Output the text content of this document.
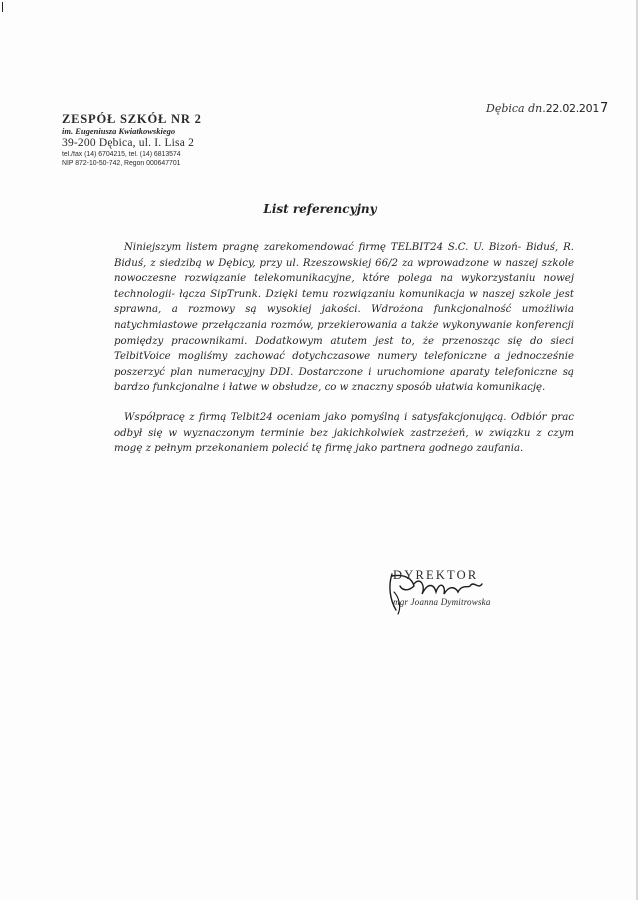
ZESPÓŁ SZKÓŁ NR 2
im. Eugeniusza Kwiatkowskiego
39-200 Dębica, ul. I. Lisa 2
tel./fax (14) 6704215, tel. (14) 6813574
NIP 872-10-50-742, Regon 000647701
Dębica dn.22.02.2017
List referencyjny

Niniejszym listem pragnę zarekomendować firmę TELBIT24 S.C. U. Bizoń- Biduś, R. Biduś, z siedzibą w Dębicy, przy ul. Rzeszowskiej 66/2 za wprowadzone w naszej szkole nowoczesne rozwiązanie telekomunikacyjne, które polega na wykorzystaniu nowej technologii- łącza SipTrunk. Dzięki temu rozwiązaniu komunikacja w naszej szkole jest sprawna, a rozmowy są wysokiej jakości. Wdrożona funkcjonalność umożliwia natychmiastowe przełączania rozmów, przekierowania a także wykonywanie konferencji pomiędzy pracownikami. Dodatkowym atutem jest to, że przenosząc się do sieci TelbitVoice mogliśmy zachować dotychczasowe numery telefoniczne a jednocześnie poszerzyć plan numeracyjny DDI. Dostarczone i uruchomione aparaty telefoniczne są bardzo funkcjonalne i łatwe w obsłudze, co w znaczny sposób ułatwia komunikację.

Współpracę z firmą Telbit24 oceniam jako pomyślną i satysfakcjonującą. Odbiór prac odbył się w wyznaczonym terminie bez jakichkolwiek zastrzeżeń, w związku z czym mogę z pełnym przekonaniem polecić tę firmę jako partnera godnego zaufania.

DYREKTOR
mgr Joanna Dymitrowska
